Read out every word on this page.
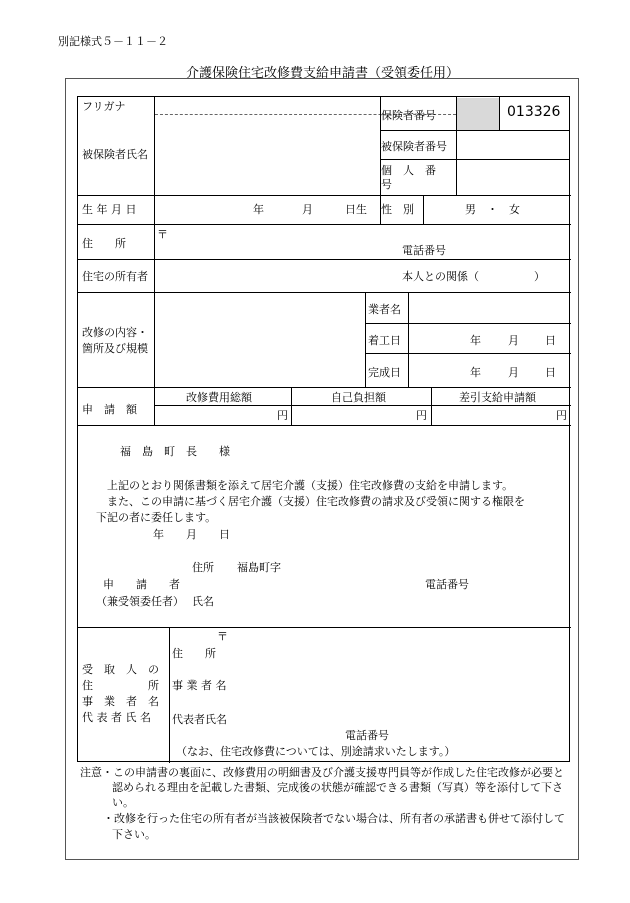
別記様式５－１１－２
介護保険住宅改修費支給申請書（受領委任用）
フリガナ
被保険者氏名
保険者番号	013326
被保険者番号
個　人　番
号
生 年 月 日	年	月	日生 性　別	男　・　女
住　　所
〒
電話番号
住宅の所有者	本人との関係（　　　　　）
改修の内容・
箇所及び規模
業者名
着工日	年 月 日
完成日	年 月 日
申　請　額
改修費用総額	自己負担額	差引支給申請額
円	円	円
福　島　町　長　　様
上記のとおり関係書類を添えて居宅介護（支援）住宅改修費の支給を申請します。
また、この申請に基づく居宅介護（支援）住宅改修費の請求及び受領に関する権限を
下記の者に委任します。
年　　月　　日
住所 福島町字
申　　請　　者	電話番号
（兼受領委任者） 氏名
受　取　人　の
住　　　　　所
事　業　者　名
代 表 者 氏 名
〒
住　　所
事 業 者 名
代表者氏名
電話番号
（なお、住宅改修費については、別途請求いたします。）
注意・この申請書の裏面に、改修費用の明細書及び介護支援専門員等が作成した住宅改修が必要と
認められる理由を記載した書類、完成後の状態が確認できる書類（写真）等を添付して下さ
い。
・改修を行った住宅の所有者が当該被保険者でない場合は、所有者の承諾書も併せて添付して
下さい。
